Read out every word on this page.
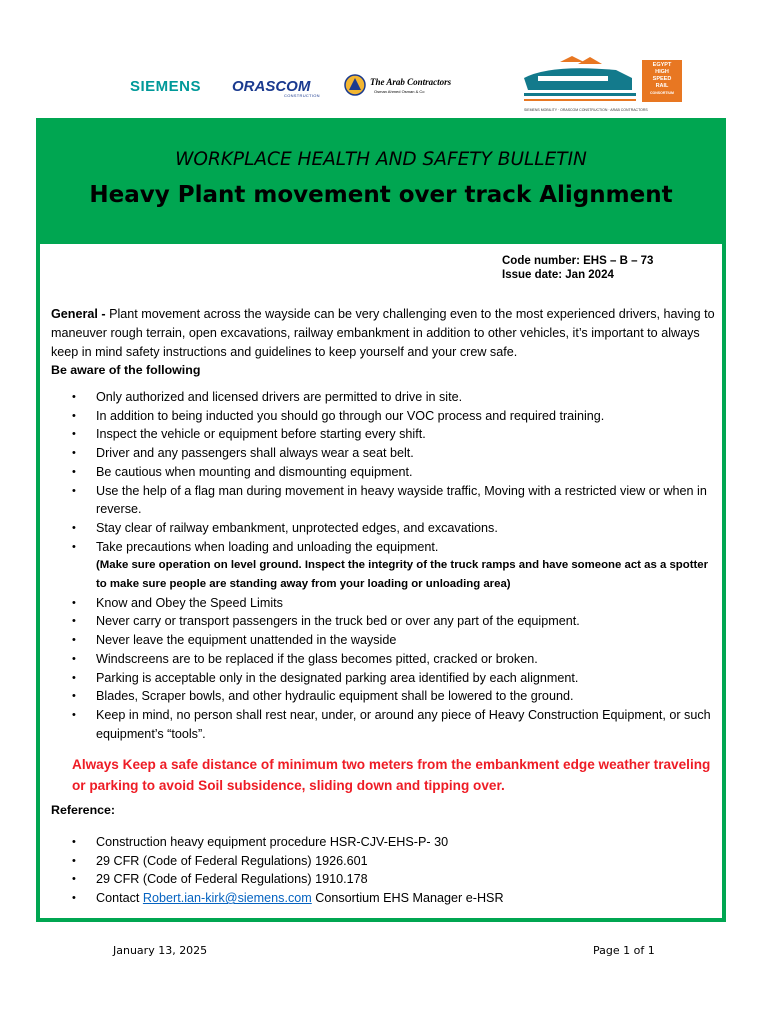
SIEMENS ORASCOM
CONSTRUCTION
The Arab Contractors
Osman Ahmed Osman & Co
EGYPT
HIGH
SPEED
RAIL
CONSORTIUM
SIEMENS MOBILITY · ORASCOM CONSTRUCTION · ARAB CONTRACTORS
WORKPLACE HEALTH AND SAFETY BULLETIN
Heavy Plant movement over track Alignment
Code number: EHS – B – 73
Issue date: Jan 2024
General - Plant movement across the wayside can be very challenging even to the most experienced drivers, having to maneuver rough terrain, open excavations, railway embankment in addition to other vehicles, it’s important to always keep in mind safety instructions and guidelines to keep yourself and your crew safe.
Be aware of the following
• Only authorized and licensed drivers are permitted to drive in site.
• In addition to being inducted you should go through our VOC process and required training.
• Inspect the vehicle or equipment before starting every shift.
• Driver and any passengers shall always wear a seat belt.
• Be cautious when mounting and dismounting equipment.
• Use the help of a flag man during movement in heavy wayside traffic, Moving with a restricted view or when in reverse.
• Stay clear of railway embankment, unprotected edges, and excavations.
• Take precautions when loading and unloading the equipment.
(Make sure operation on level ground. Inspect the integrity of the truck ramps and have someone act as a spotter to make sure people are standing away from your loading or unloading area)
• Know and Obey the Speed Limits
• Never carry or transport passengers in the truck bed or over any part of the equipment.
• Never leave the equipment unattended in the wayside
• Windscreens are to be replaced if the glass becomes pitted, cracked or broken.
• Parking is acceptable only in the designated parking area identified by each alignment.
• Blades, Scraper bowls, and other hydraulic equipment shall be lowered to the ground.
• Keep in mind, no person shall rest near, under, or around any piece of Heavy Construction Equipment, or such equipment’s “tools”.
Always Keep a safe distance of minimum two meters from the embankment edge weather traveling or parking to avoid Soil subsidence, sliding down and tipping over.
Reference:
• Construction heavy equipment procedure HSR-CJV-EHS-P- 30
• 29 CFR (Code of Federal Regulations) 1926.601
• 29 CFR (Code of Federal Regulations) 1910.178
• Contact Robert.ian-kirk@siemens.com Consortium EHS Manager e-HSR
January 13, 2025	Page 1 of 1
